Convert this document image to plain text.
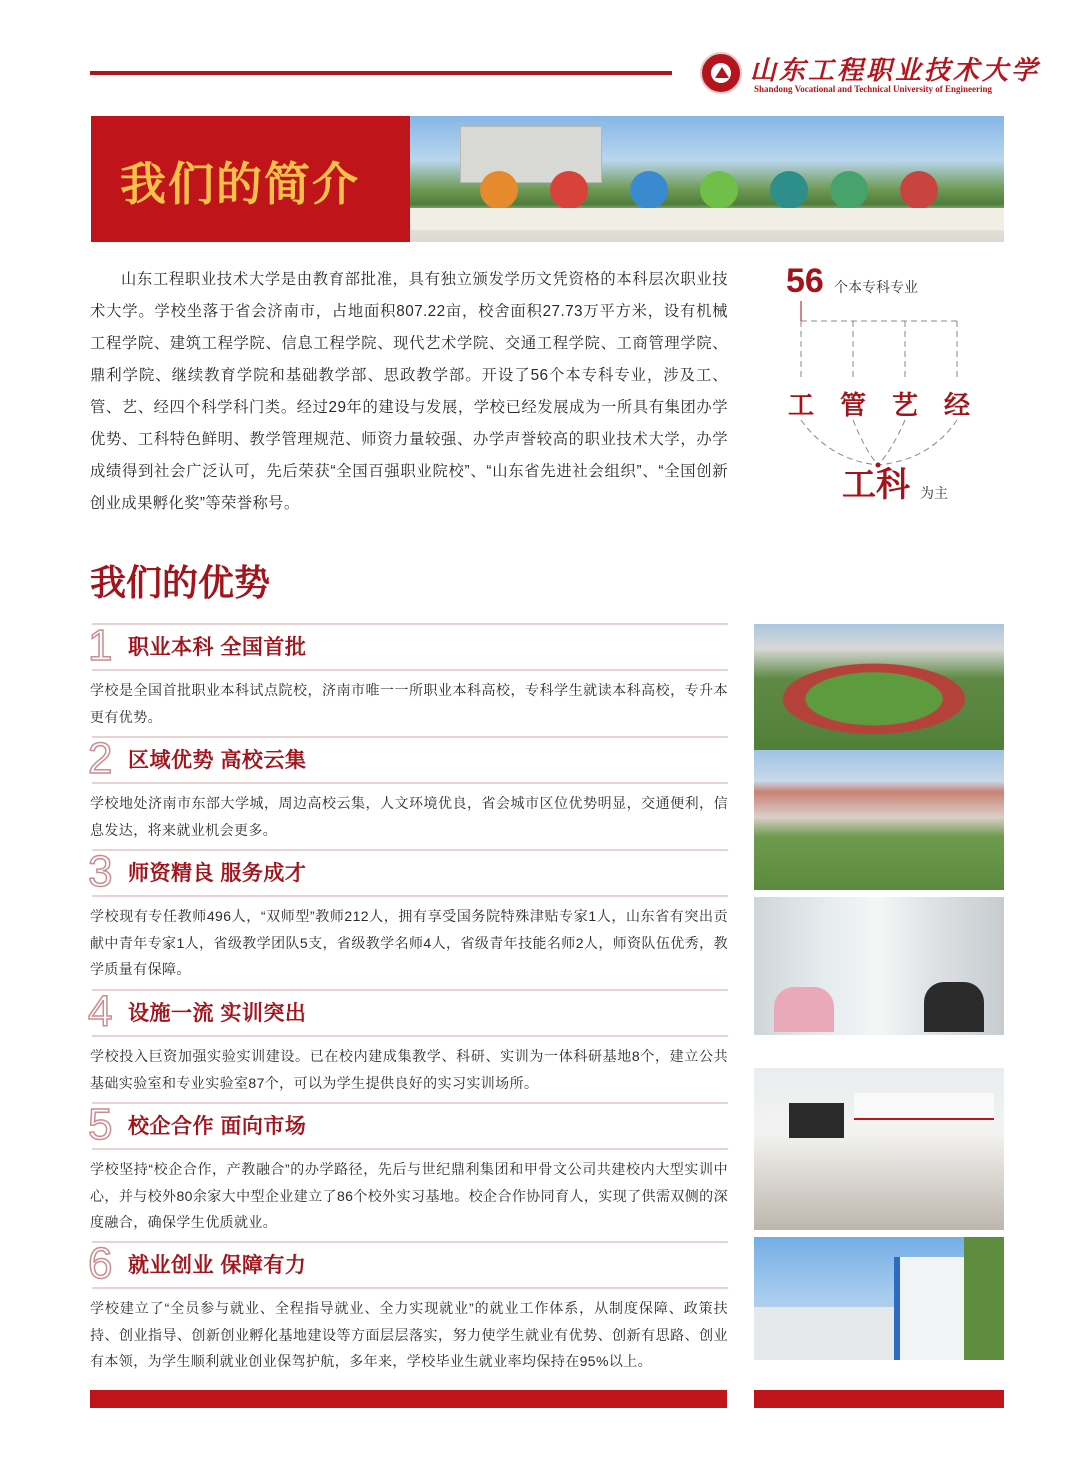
山东工程职业技术大学
Shandong Vocational and Technical University of Engineering
我们的简介
山东工程职业技术大学是由教育部批准，具有独立颁发学历文凭资格的本科层次职业技术大学。学校坐落于省会济南市，占地面积807.22亩，校舍面积27.73万平方米，设有机械工程学院、建筑工程学院、信息工程学院、现代艺术学院、交通工程学院、工商管理学院、鼎利学院、继续教育学院和基础教学部、思政教学部。开设了56个本专科专业，涉及工、管、艺、经四个科学科门类。经过29年的建设与发展，学校已经发展成为一所具有集团办学优势、工科特色鲜明、教学管理规范、师资力量较强、办学声誉较高的职业技术大学，办学成绩得到社会广泛认可，先后荣获“全国百强职业院校”、“山东省先进社会组织”、“全国创新创业成果孵化奖”等荣誉称号。
56 个本专科专业
工 管 艺 经
工科 为主
我们的优势
1 职业本科 全国首批
学校是全国首批职业本科试点院校，济南市唯一一所职业本科高校，专科学生就读本科高校，专升本更有优势。
2 区域优势 高校云集
学校地处济南市东部大学城，周边高校云集，人文环境优良，省会城市区位优势明显，交通便利，信息发达，将来就业机会更多。
3 师资精良 服务成才
学校现有专任教师496人，“双师型”教师212人，拥有享受国务院特殊津贴专家1人，山东省有突出贡献中青年专家1人，省级教学团队5支，省级教学名师4人，省级青年技能名师2人，师资队伍优秀，教学质量有保障。
4 设施一流 实训突出
学校投入巨资加强实验实训建设。已在校内建成集教学、科研、实训为一体科研基地8个，建立公共基础实验室和专业实验室87个，可以为学生提供良好的实习实训场所。
5 校企合作 面向市场
学校坚持“校企合作，产教融合”的办学路径，先后与世纪鼎利集团和甲骨文公司共建校内大型实训中心，并与校外80余家大中型企业建立了86个校外实习基地。校企合作协同育人，实现了供需双侧的深度融合，确保学生优质就业。
6 就业创业 保障有力
学校建立了“全员参与就业、全程指导就业、全力实现就业”的就业工作体系，从制度保障、政策扶持、创业指导、创新创业孵化基地建设等方面层层落实，努力使学生就业有优势、创新有思路、创业有本领，为学生顺利就业创业保驾护航，多年来，学校毕业生就业率均保持在95%以上。
